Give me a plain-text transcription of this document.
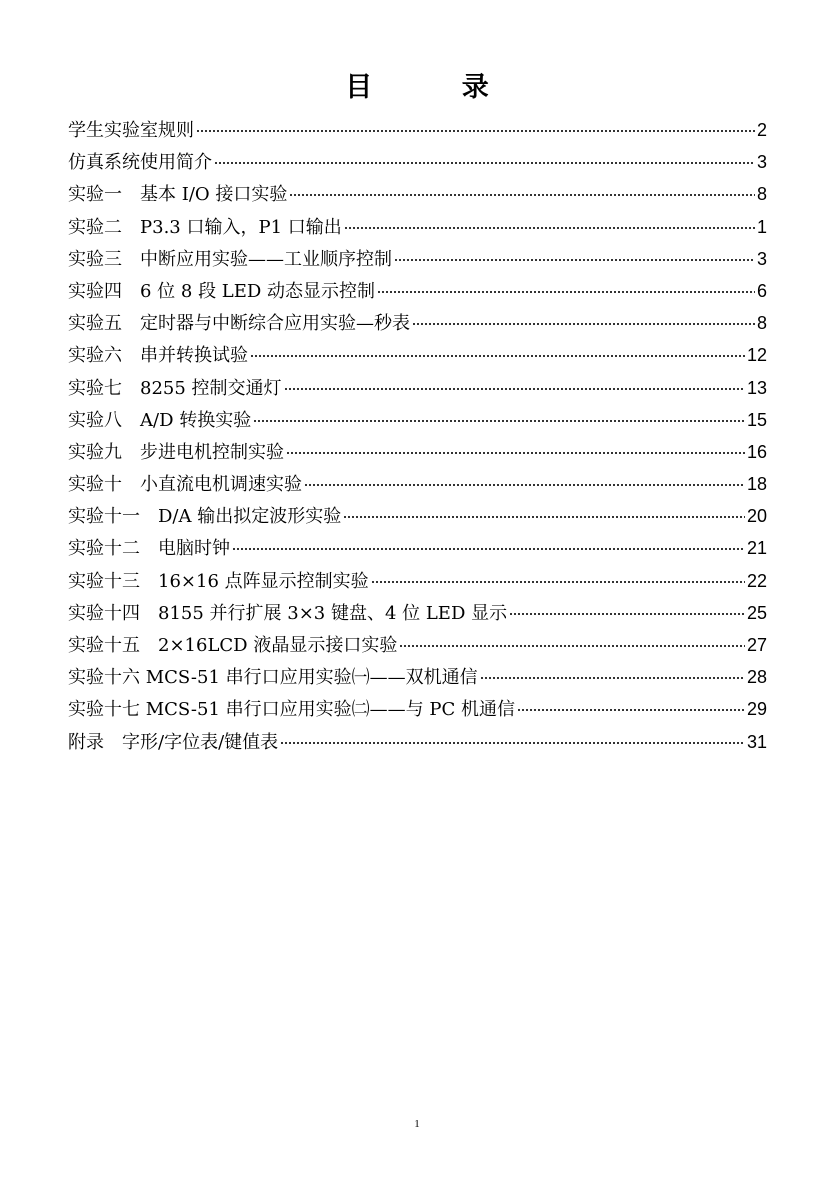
目 录
学生实验室规则	2
仿真系统使用简介	3
实验一　基本 I/O 接口实验	8
实验二　P3.3 口输入，P1 口输出	1
实验三　中断应用实验——工业顺序控制	3
实验四　6 位 8 段 LED 动态显示控制	6
实验五　定时器与中断综合应用实验—秒表	8
实验六　串并转换试验	12
实验七　8255 控制交通灯	13
实验八　A/D 转换实验	15
实验九　步进电机控制实验	16
实验十　小直流电机调速实验	18
实验十一　D/A 输出拟定波形实验	20
实验十二　电脑时钟	21
实验十三　16×16 点阵显示控制实验	22
实验十四　8155 并行扩展 3×3 键盘、4 位 LED 显示	25
实验十五　2×16LCD 液晶显示接口实验	27
实验十六 MCS-51 串行口应用实验㈠——双机通信	28
实验十七 MCS-51 串行口应用实验㈡——与 PC 机通信	29
附录　字形/字位表/键值表	31
1
